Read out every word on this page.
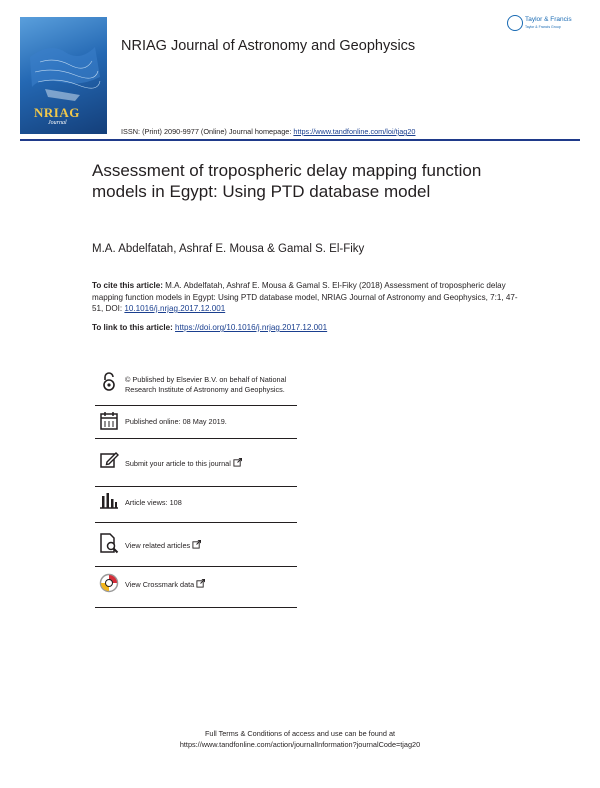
NRIAG
Journal
2017
NRIAG Journal of Astronomy and Geophysics
ISSN: (Print) 2090-9977 (Online) Journal homepage: https://www.tandfonline.com/loi/tjag20
Taylor & Francis
Taylor & Francis Group
Assessment of tropospheric delay mapping function models in Egypt: Using PTD database model
M.A. Abdelfatah, Ashraf E. Mousa & Gamal S. El-Fiky
To cite this article: M.A. Abdelfatah, Ashraf E. Mousa & Gamal S. El-Fiky (2018) Assessment of tropospheric delay mapping function models in Egypt: Using PTD database model, NRIAG Journal of Astronomy and Geophysics, 7:1, 47-51, DOI: 10.1016/j.nrjag.2017.12.001
To link to this article: https://doi.org/10.1016/j.nrjag.2017.12.001
© Published by Elsevier B.V. on behalf of National Research Institute of Astronomy and Geophysics.
Published online: 08 May 2019.
Submit your article to this journal
Article views: 108
View related articles
View Crossmark data
Full Terms & Conditions of access and use can be found at
https://www.tandfonline.com/action/journalInformation?journalCode=tjag20
